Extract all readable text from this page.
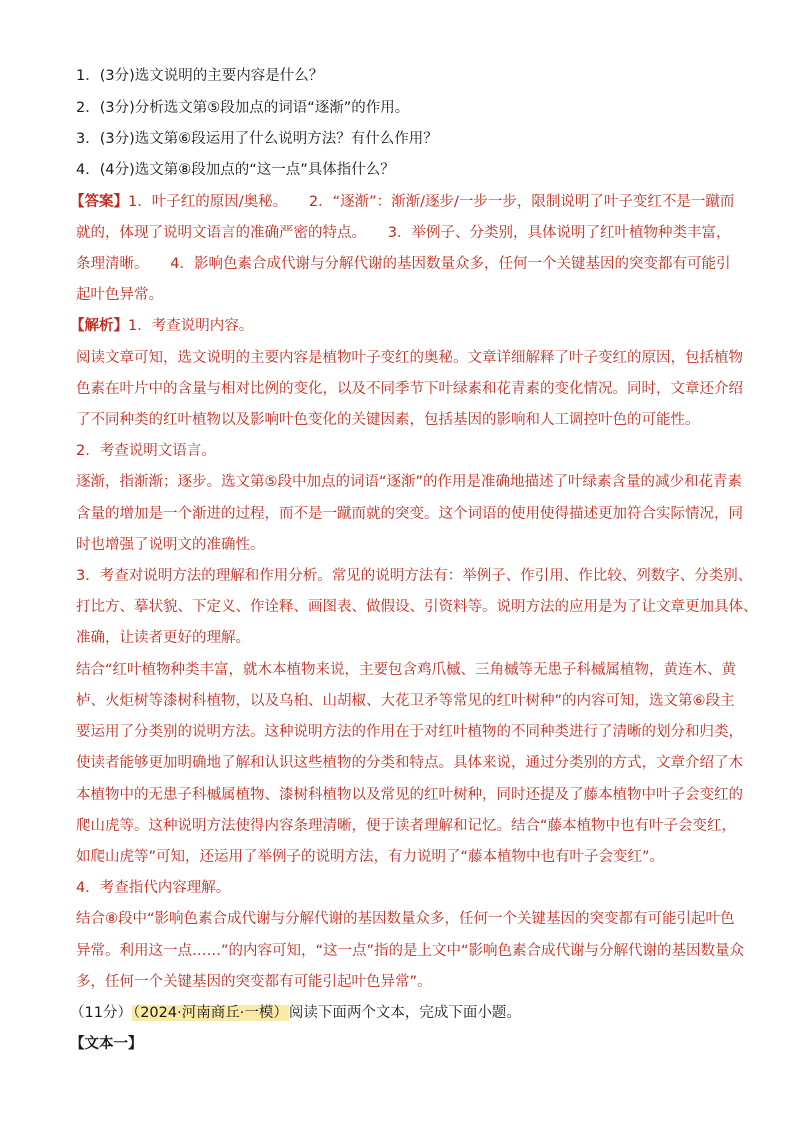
1．(3分)选文说明的主要内容是什么？
2．(3分)分析选文第⑤段加点的词语“逐渐”的作用。
3．(3分)选文第⑥段运用了什么说明方法？有什么作用？
4．(4分)选文第⑧段加点的“这一点”具体指什么？
【答案】1．叶子红的原因/奥秘。　　2．“逐渐”：渐渐/逐步/一步一步，限制说明了叶子变红不是一蹴而
就的，体现了说明文语言的准确严密的特点。　　3．举例子、分类别，具体说明了红叶植物种类丰富，
条理清晰。　　4．影响色素合成代谢与分解代谢的基因数量众多，任何一个关键基因的突变都有可能引
起叶色异常。
【解析】1．考查说明内容。
阅读文章可知，选文说明的主要内容是植物叶子变红的奥秘。文章详细解释了叶子变红的原因，包括植物
色素在叶片中的含量与相对比例的变化，以及不同季节下叶绿素和花青素的变化情况。同时，文章还介绍
了不同种类的红叶植物以及影响叶色变化的关键因素，包括基因的影响和人工调控叶色的可能性。
2．考查说明文语言。
逐渐，指渐渐；逐步。选文第⑤段中加点的词语“逐渐”的作用是准确地描述了叶绿素含量的减少和花青素
含量的增加是一个渐进的过程，而不是一蹴而就的突变。这个词语的使用使得描述更加符合实际情况，同
时也增强了说明文的准确性。
3．考查对说明方法的理解和作用分析。常见的说明方法有：举例子、作引用、作比较、列数字、分类别、
打比方、摹状貌、下定义、作诠释、画图表、做假设、引资料等。说明方法的应用是为了让文章更加具体、
准确，让读者更好的理解。
结合“红叶植物种类丰富，就木本植物来说，主要包含鸡爪槭、三角槭等无患子科槭属植物，黄连木、黄
栌、火炬树等漆树科植物，以及乌桕、山胡椒、大花卫矛等常见的红叶树种”的内容可知，选文第⑥段主
要运用了分类别的说明方法。这种说明方法的作用在于对红叶植物的不同种类进行了清晰的划分和归类，
使读者能够更加明确地了解和认识这些植物的分类和特点。具体来说，通过分类别的方式，文章介绍了木
本植物中的无患子科槭属植物、漆树科植物以及常见的红叶树种，同时还提及了藤本植物中叶子会变红的
爬山虎等。这种说明方法使得内容条理清晰，便于读者理解和记忆。结合“藤本植物中也有叶子会变红，
如爬山虎等”可知，还运用了举例子的说明方法，有力说明了“藤本植物中也有叶子会变红”。
4．考查指代内容理解。
结合⑧段中“影响色素合成代谢与分解代谢的基因数量众多，任何一个关键基因的突变都有可能引起叶色
异常。利用这一点……”的内容可知，“这一点”指的是上文中“影响色素合成代谢与分解代谢的基因数量众
多，任何一个关键基因的突变都有可能引起叶色异常”。
（11分）（2024·河南商丘·一模）阅读下面两个文本，完成下面小题。
【文本一】
